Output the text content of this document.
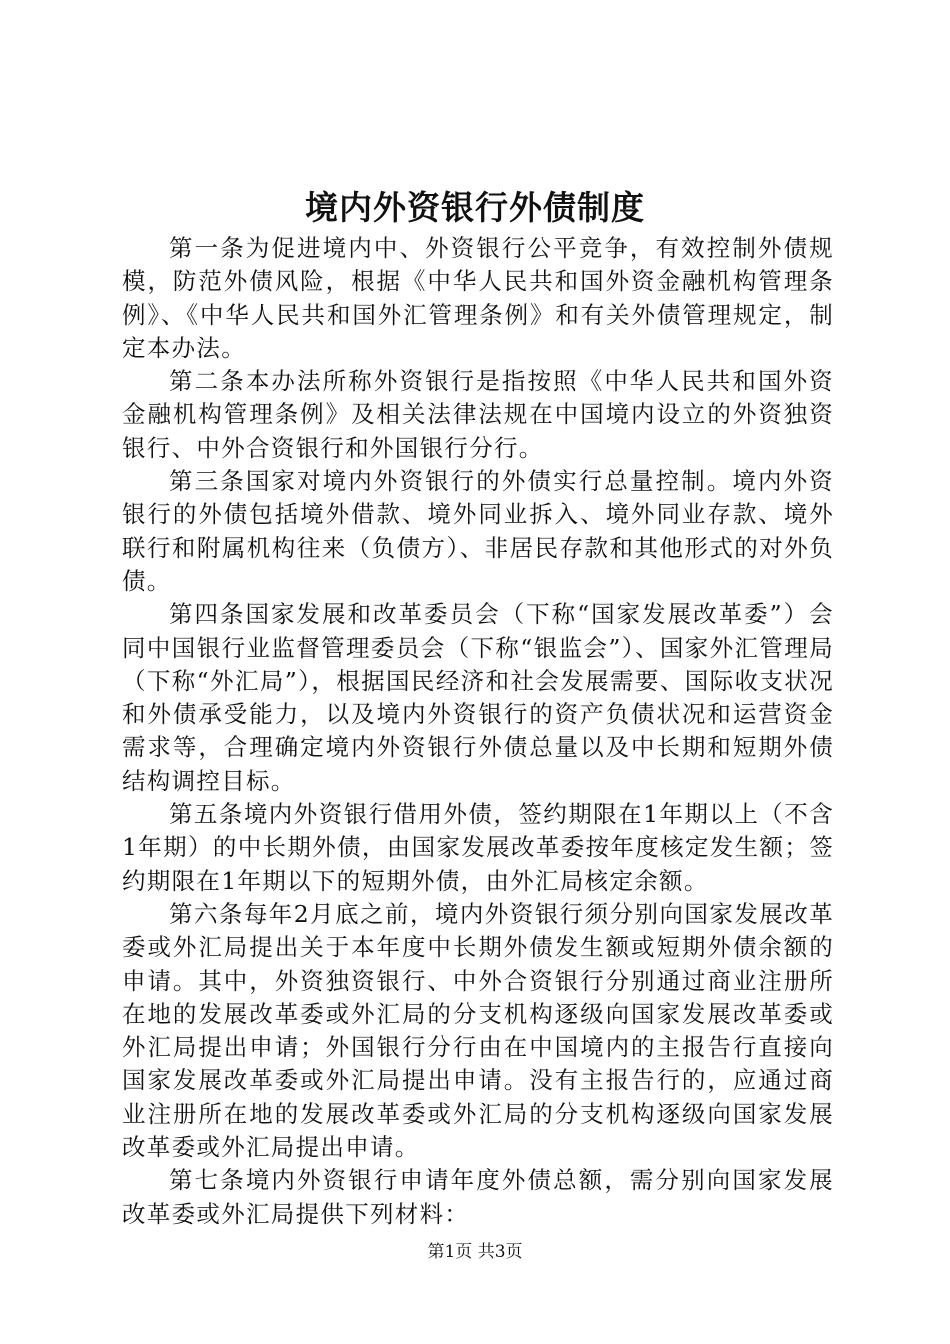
境内外资银行外债制度

第一条为促进境内中、外资银行公平竞争，有效控制外债规模，防范外债风险，根据《中华人民共和国外资金融机构管理条例》、《中华人民共和国外汇管理条例》和有关外债管理规定，制定本办法。

第二条本办法所称外资银行是指按照《中华人民共和国外资金融机构管理条例》及相关法律法规在中国境内设立的外资独资银行、中外合资银行和外国银行分行。

第三条国家对境内外资银行的外债实行总量控制。境内外资银行的外债包括境外借款、境外同业拆入、境外同业存款、境外联行和附属机构往来（负债方）、非居民存款和其他形式的对外负债。

第四条国家发展和改革委员会（下称“国家发展改革委”）会同中国银行业监督管理委员会（下称“银监会”）、国家外汇管理局（下称“外汇局”），根据国民经济和社会发展需要、国际收支状况和外债承受能力，以及境内外资银行的资产负债状况和运营资金需求等，合理确定境内外资银行外债总量以及中长期和短期外债结构调控目标。

第五条境内外资银行借用外债，签约期限在1年期以上（不含1年期）的中长期外债，由国家发展改革委按年度核定发生额；签约期限在1年期以下的短期外债，由外汇局核定余额。

第六条每年2月底之前，境内外资银行须分别向国家发展改革委或外汇局提出关于本年度中长期外债发生额或短期外债余额的申请。其中，外资独资银行、中外合资银行分别通过商业注册所在地的发展改革委或外汇局的分支机构逐级向国家发展改革委或外汇局提出申请；外国银行分行由在中国境内的主报告行直接向国家发展改革委或外汇局提出申请。没有主报告行的，应通过商业注册所在地的发展改革委或外汇局的分支机构逐级向国家发展改革委或外汇局提出申请。

第七条境内外资银行申请年度外债总额，需分别向国家发展改革委或外汇局提供下列材料：

第1页 共3页
